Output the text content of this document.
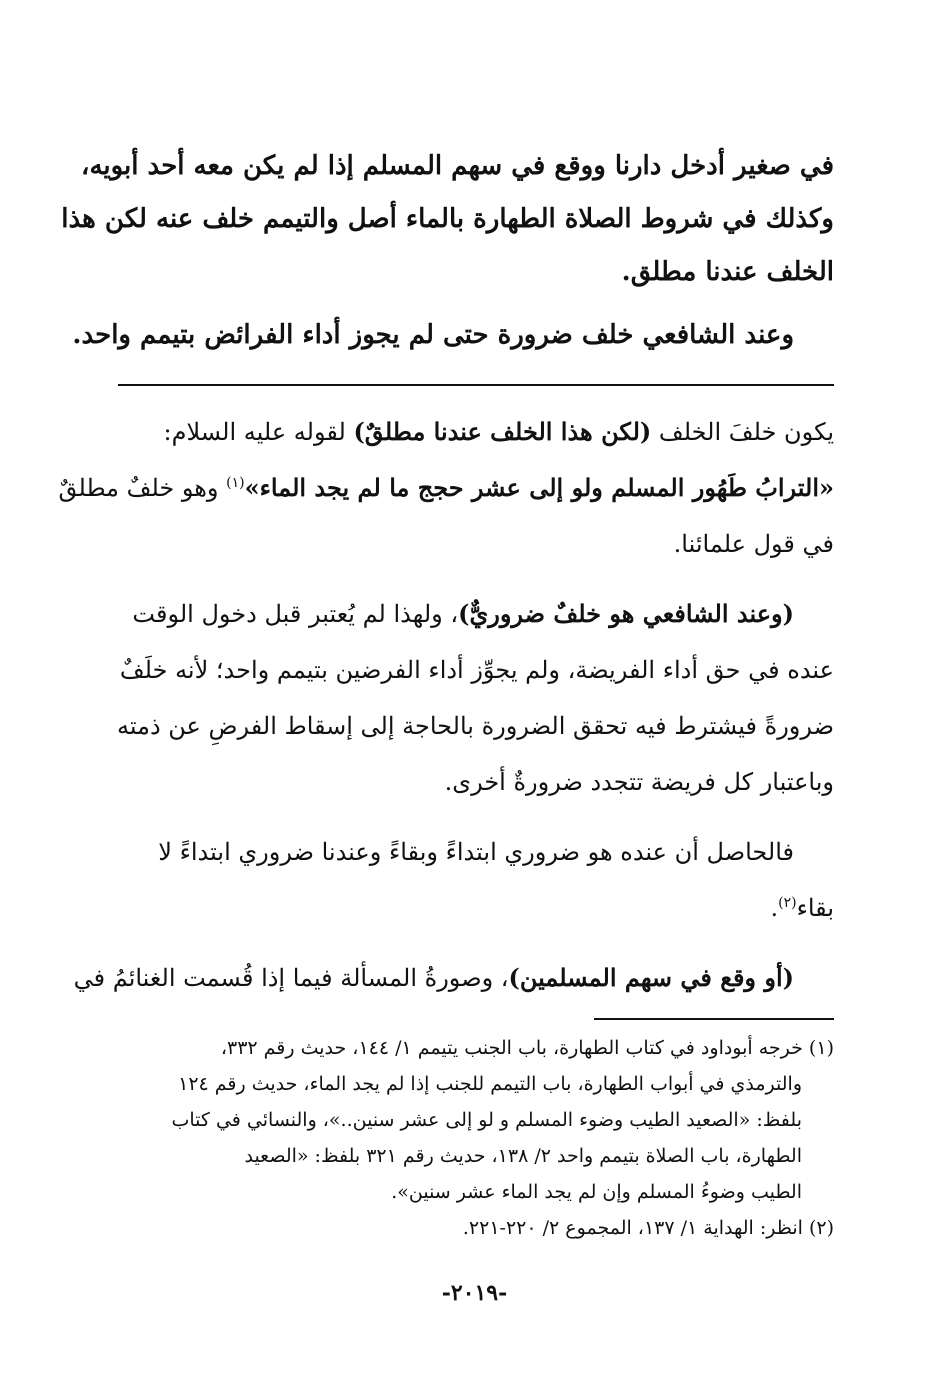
في صغير أدخل دارنا ووقع في سهم المسلم إذا لم يكن معه أحد أبويه،
وكذلك في شروط الصلاة الطهارة بالماء أصل والتيمم خلف عنه لكن هذا
الخلف عندنا مطلق.
وعند الشافعي خلف ضرورة حتى لم يجوز أداء الفرائض بتيمم واحد.
يكون خلفَ الخلف (لكن هذا الخلف عندنا مطلقٌ) لقوله عليه السلام:
«الترابُ طَهُور المسلم ولو إلى عشر حجج ما لم يجد الماء»$^{(١)}$ وهو خلفٌ مطلقٌ
في قول علمائنا.
(وعند الشافعي هو خلفٌ ضروريٌّ)، ولهذا لم يُعتبر قبل دخول الوقت
عنده في حق أداء الفريضة، ولم يجوِّز أداء الفرضين بتيمم واحد؛ لأنه خلَفٌ
ضرورةً فيشترط فيه تحقق الضرورة بالحاجة إلى إسقاط الفرضِ عن ذمته
وباعتبار كل فريضة تتجدد ضرورةٌ أخرى.
فالحاصل أن عنده هو ضروري ابتداءً وبقاءً وعندنا ضروري ابتداءً لا
بقاء$^{(٢)}$.
(أو وقع في سهم المسلمين)، وصورةُ المسألة فيما إذا قُسمت الغنائمُ في
(١) خرجه أبوداود في كتاب الطهارة، باب الجنب يتيمم ١/ ١٤٤، حديث رقم ٣٣٢،
والترمذي في أبواب الطهارة، باب التيمم للجنب إذا لم يجد الماء، حديث رقم ١٢٤
بلفظ: «الصعيد الطيب وضوء المسلم و لو إلى عشر سنين..»، والنسائي في كتاب
الطهارة، باب الصلاة بتيمم واحد ٢/ ١٣٨، حديث رقم ٣٢١ بلفظ: «الصعيد
الطيب وضوءُ المسلم وإن لم يجد الماء عشر سنين».
(٢) انظر: الهداية ١/ ١٣٧، المجموع ٢/ ٢٢٠-٢٢١.
-٢٠١٩-
